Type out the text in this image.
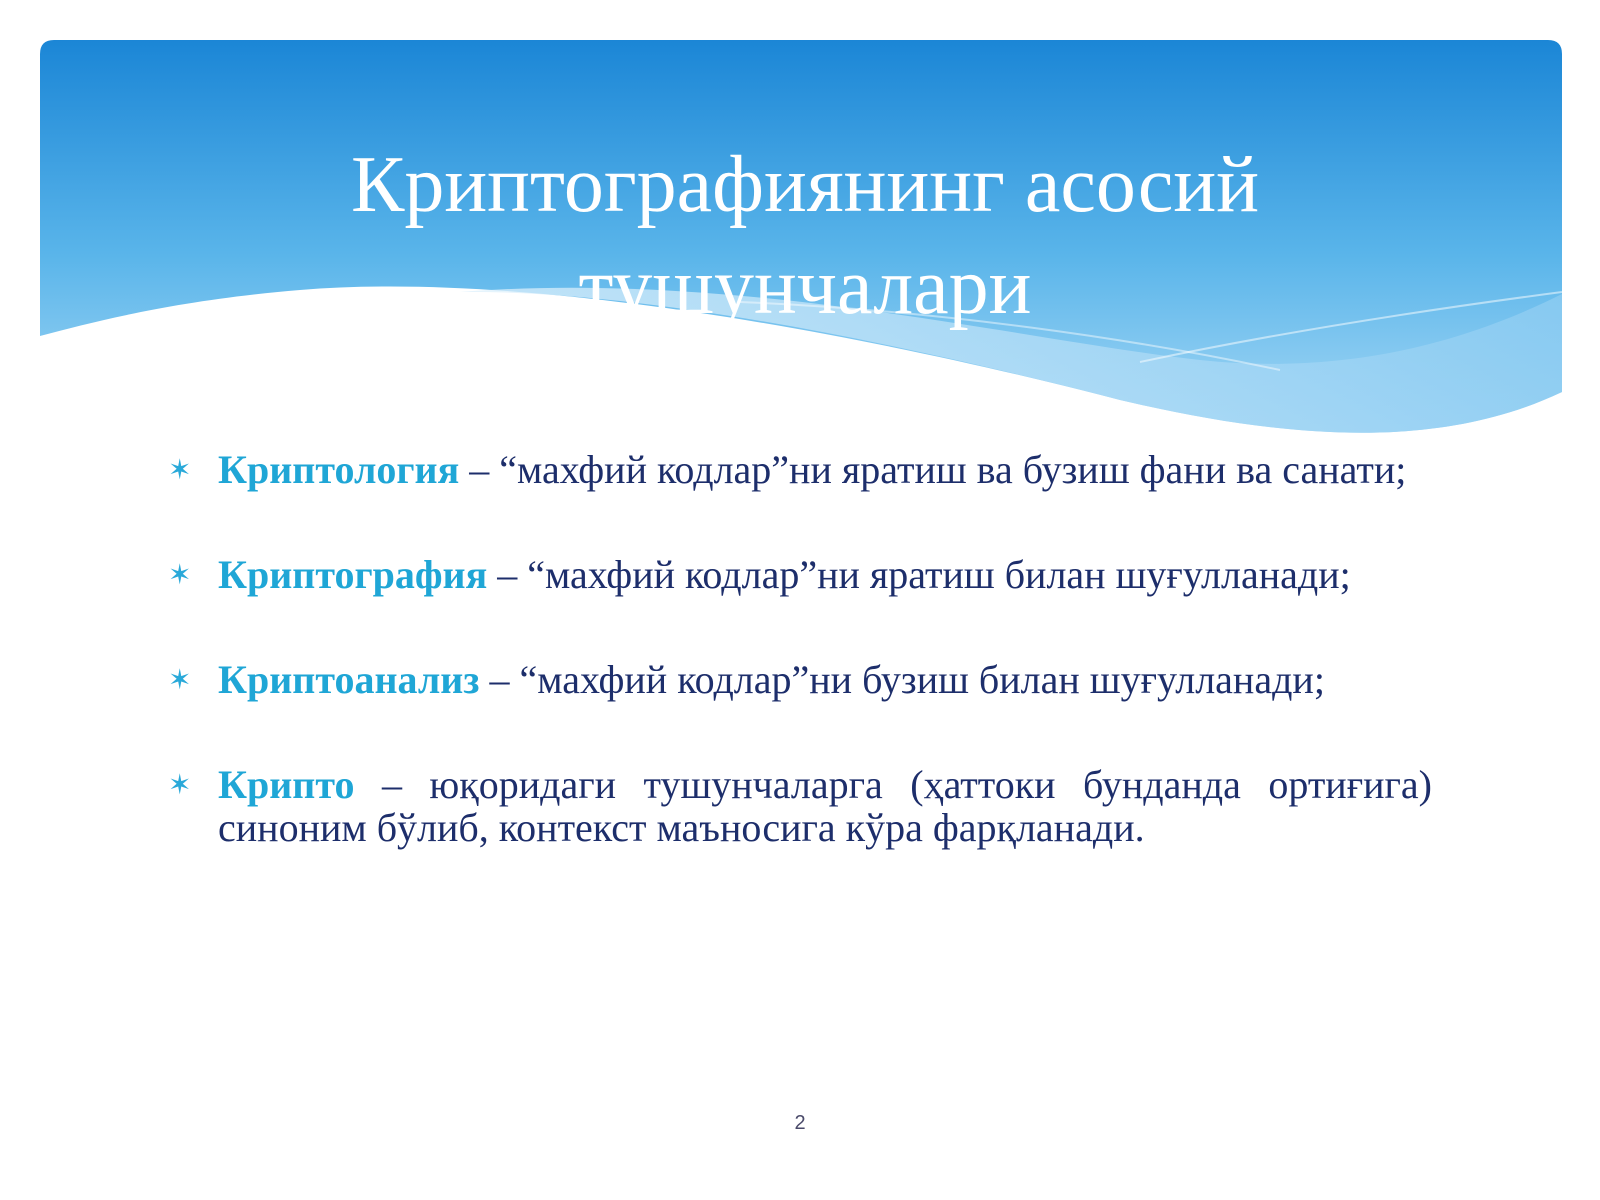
Криптографиянинг асосий
тушунчалари
✶ Криптология – “махфий кодлар”ни яратиш ва бузиш фани ва санати;
✶ Криптография – “махфий кодлар”ни яратиш билан шуғулланади;
✶ Криптоанализ – “махфий кодлар”ни бузиш билан шуғулланади;
✶ Крипто – юқоридаги тушунчаларга (ҳаттоки бунданда ортиғига) синоним бўлиб, контекст маъносига кўра фарқланади.
2
